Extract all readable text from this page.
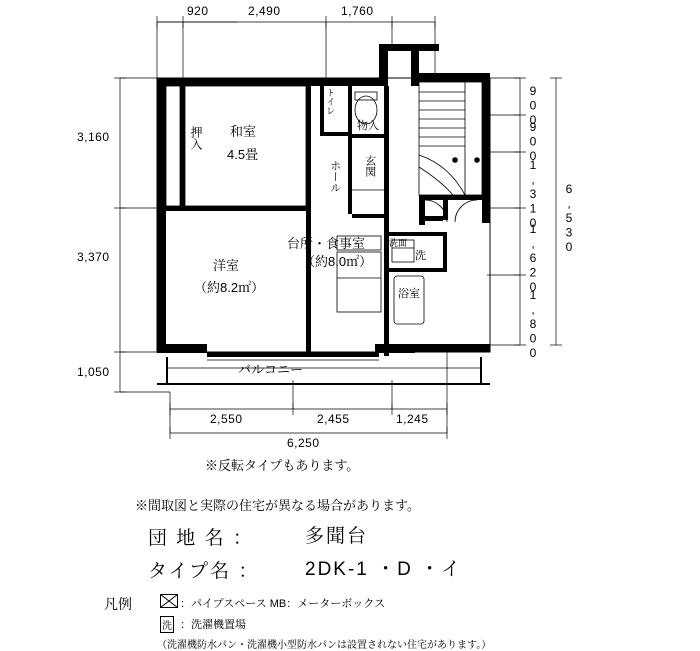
920	2,490	1,760
3,160
3,370
1,050
900
900
1,310
1,620
1,800
6,530
2,550	2,455	1,245
6,250
押入 和室
4.5畳
トイレ
物入
ホール 玄関
洋室
（約8.2㎡）
台所・食事室
（約8.0㎡）
洗面
洗
浴室
バルコニー
※反転タイプもあります。
※間取図と実際の住宅が異なる場合があります。
団 地 名 ：	多聞台
タイプ名 ： 2DK-1 ・D ・イ
凡例	：パイプスペース MB：メーターボックス
洗 ：洗濯機置場
（洗濯機防水パン・洗濯機小型防水パンは設置されない住宅があります。）
